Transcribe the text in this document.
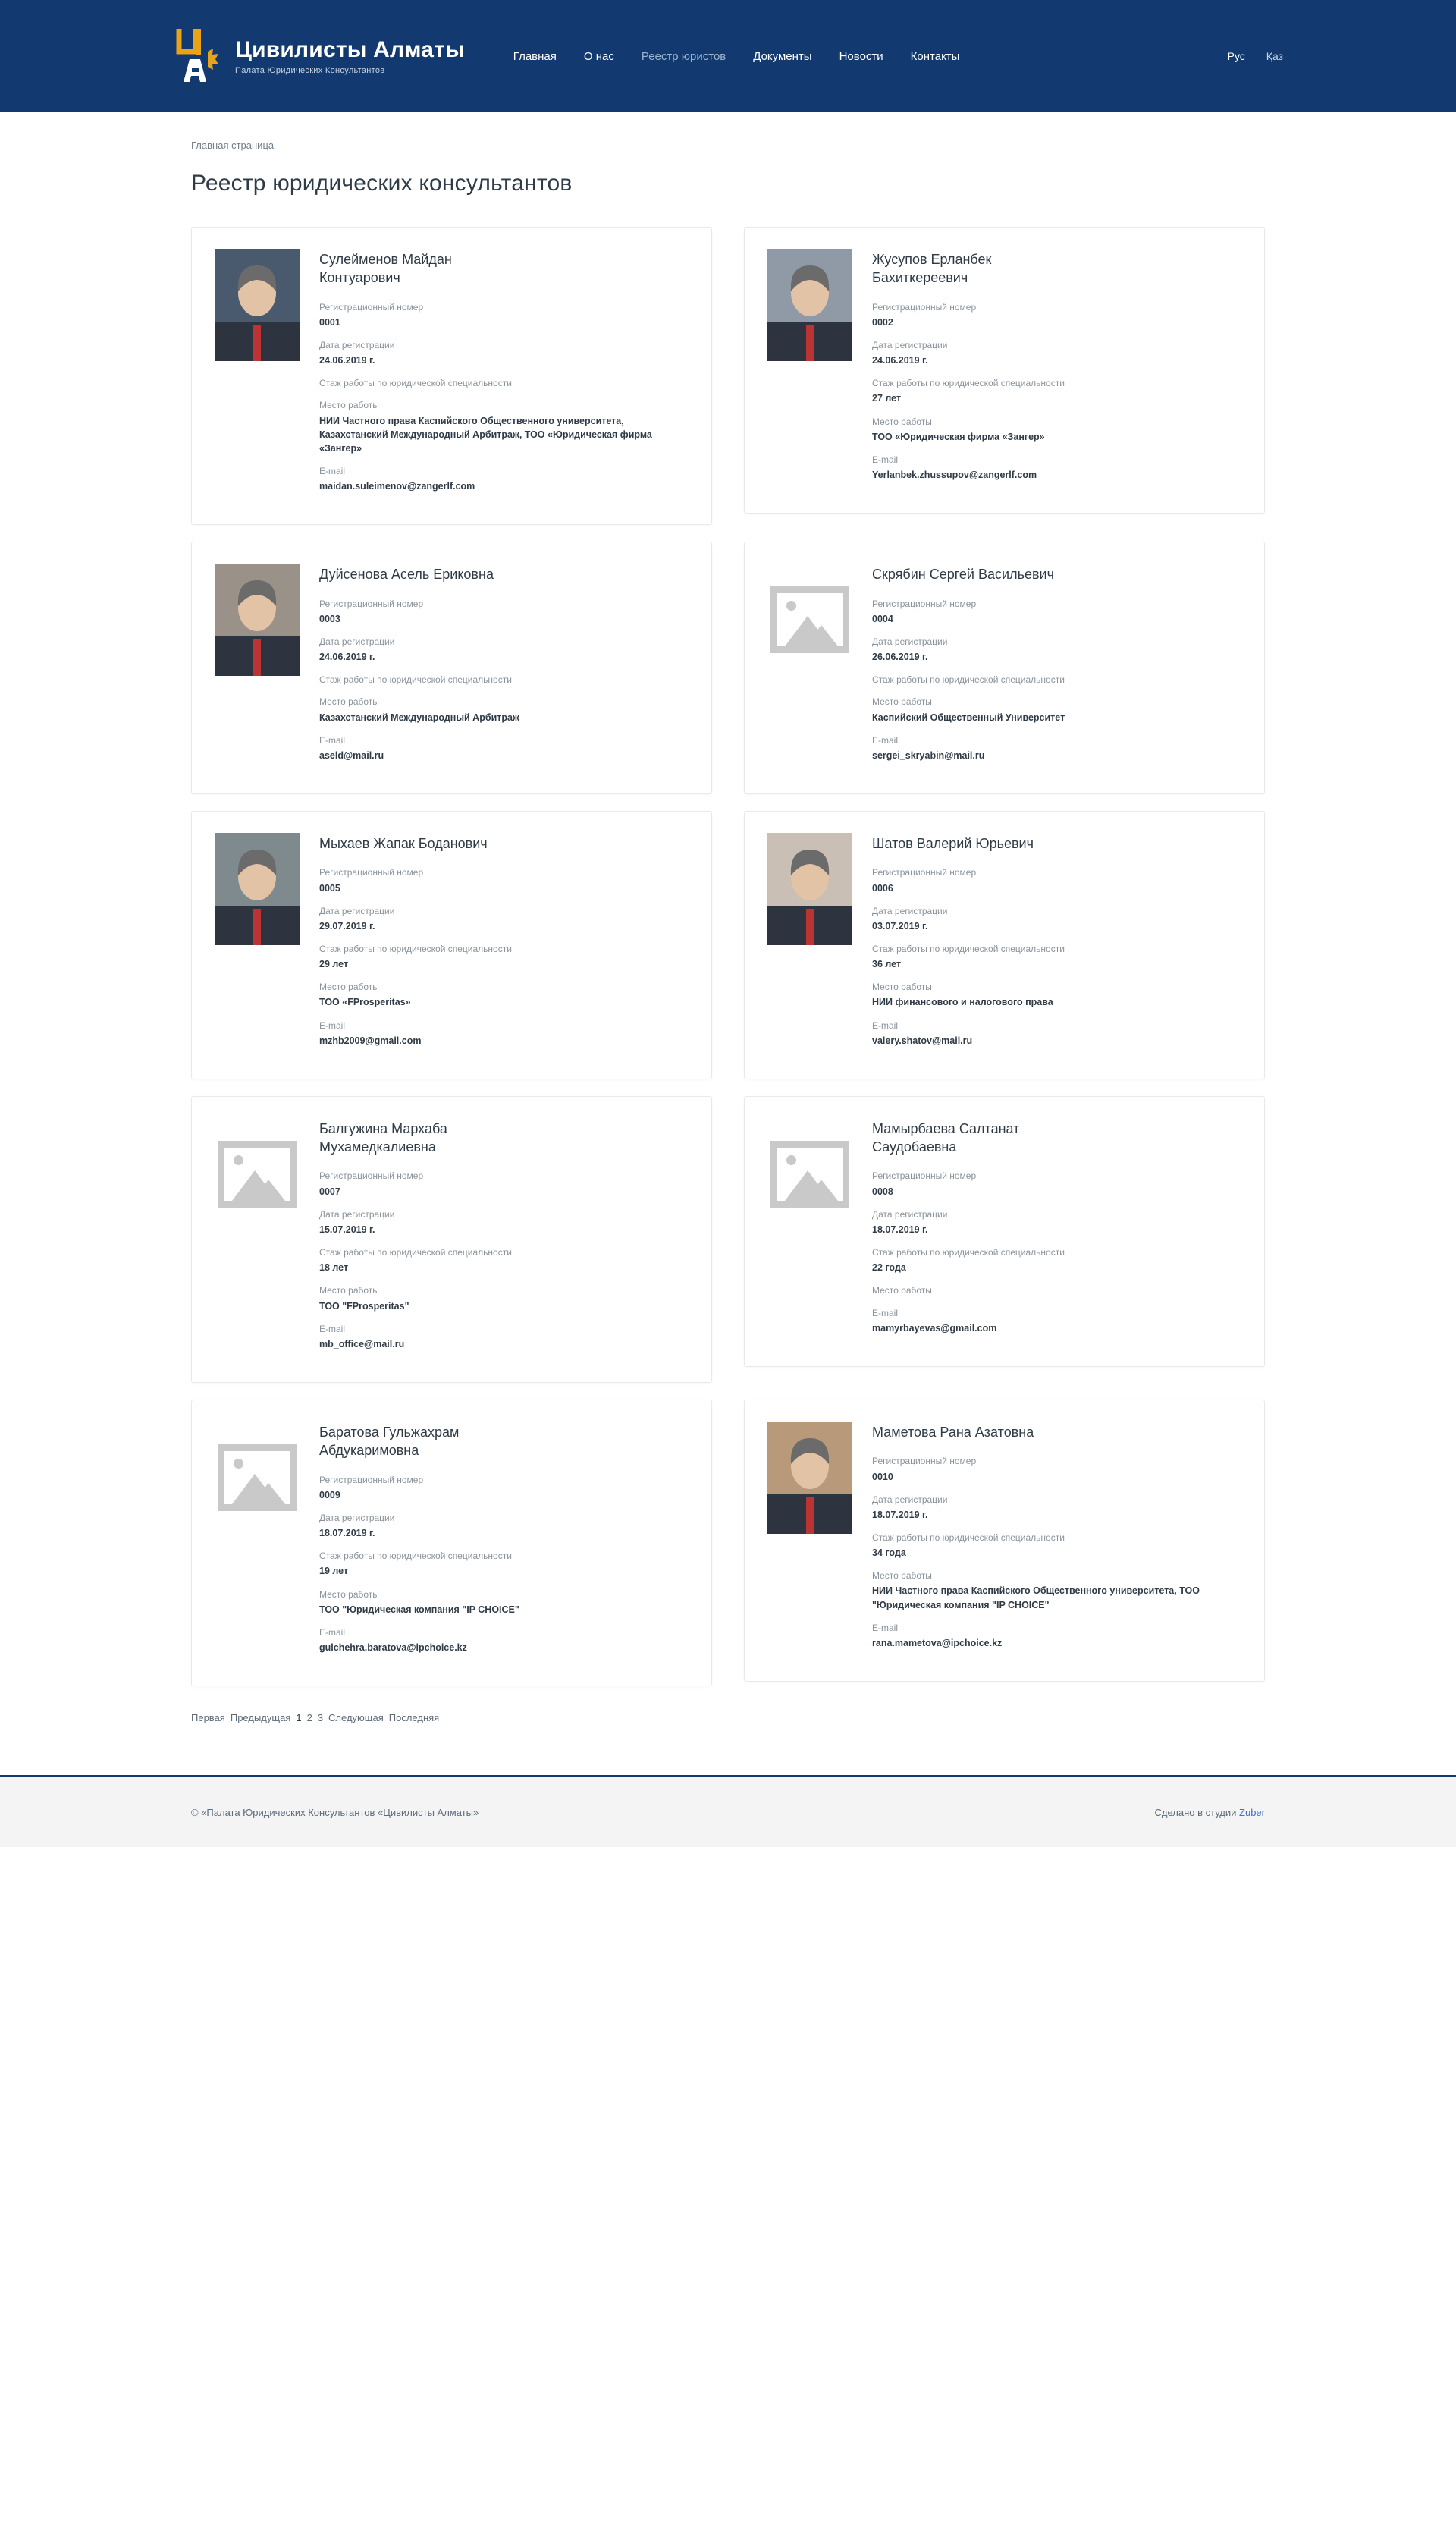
Цивилисты Алматы
Палата Юридических Консультантов
Главная О нас Реестр юристов Документы Новости Контакты	Рус Қаз
Главная страница
Реестр юридических консультантов
Сулейменов Майдан Контуарович
Регистрационный номер
0001
Дата регистрации
24.06.2019 г.
Стаж работы по юридической специальности
Место работы
НИИ Частного права Каспийского Общественного университета, Казахстанский Международный Арбитраж, ТОО «Юридическая фирма «Зангер»
E-mail
maidan.suleimenov@zangerlf.com
Жусупов Ерланбек Бахиткереевич
Регистрационный номер
0002
Дата регистрации
24.06.2019 г.
Стаж работы по юридической специальности
27 лет
Место работы
ТОО «Юридическая фирма «Зангер»
E-mail
Yerlanbek.zhussupov@zangerlf.com
Дуйсенова Асель Ериковна
Регистрационный номер
0003
Дата регистрации
24.06.2019 г.
Стаж работы по юридической специальности
Место работы
Казахстанский Международный Арбитраж
E-mail
aseld@mail.ru
Скрябин Сергей Васильевич
Регистрационный номер
0004
Дата регистрации
26.06.2019 г.
Стаж работы по юридической специальности
Место работы
Каспийский Общественный Университет
E-mail
sergei_skryabin@mail.ru
Мыхаев Жапак Боданович
Регистрационный номер
0005
Дата регистрации
29.07.2019 г.
Стаж работы по юридической специальности
29 лет
Место работы
ТОО «FProsperitas»
E-mail
mzhb2009@gmail.com
Шатов Валерий Юрьевич
Регистрационный номер
0006
Дата регистрации
03.07.2019 г.
Стаж работы по юридической специальности
36 лет
Место работы
НИИ финансового и налогового права
E-mail
valery.shatov@mail.ru
Балгужина Мархаба Мухамедкалиевна
Регистрационный номер
0007
Дата регистрации
15.07.2019 г.
Стаж работы по юридической специальности
18 лет
Место работы
ТОО "FProsperitas"
E-mail
mb_office@mail.ru
Мамырбаева Салтанат Саудобаевна
Регистрационный номер
0008
Дата регистрации
18.07.2019 г.
Стаж работы по юридической специальности
22 года
Место работы
E-mail
mamyrbayevas@gmail.com
Баратова Гульжахрам Абдукаримовна
Регистрационный номер
0009
Дата регистрации
18.07.2019 г.
Стаж работы по юридической специальности
19 лет
Место работы
ТОО "Юридическая компания "IP CHOICE"
E-mail
gulchehra.baratova@ipchoice.kz
Маметова Рана Азатовна
Регистрационный номер
0010
Дата регистрации
18.07.2019 г.
Стаж работы по юридической специальности
34 года
Место работы
НИИ Частного права Каспийского Общественного университета, ТОО "Юридическая компания "IP CHOICE"
E-mail
rana.mametova@ipchoice.kz
Первая Предыдущая 1 2 3 Следующая Последняя
© «Палата Юридических Консультантов «Цивилисты Алматы»	Сделано в студии Zuber
